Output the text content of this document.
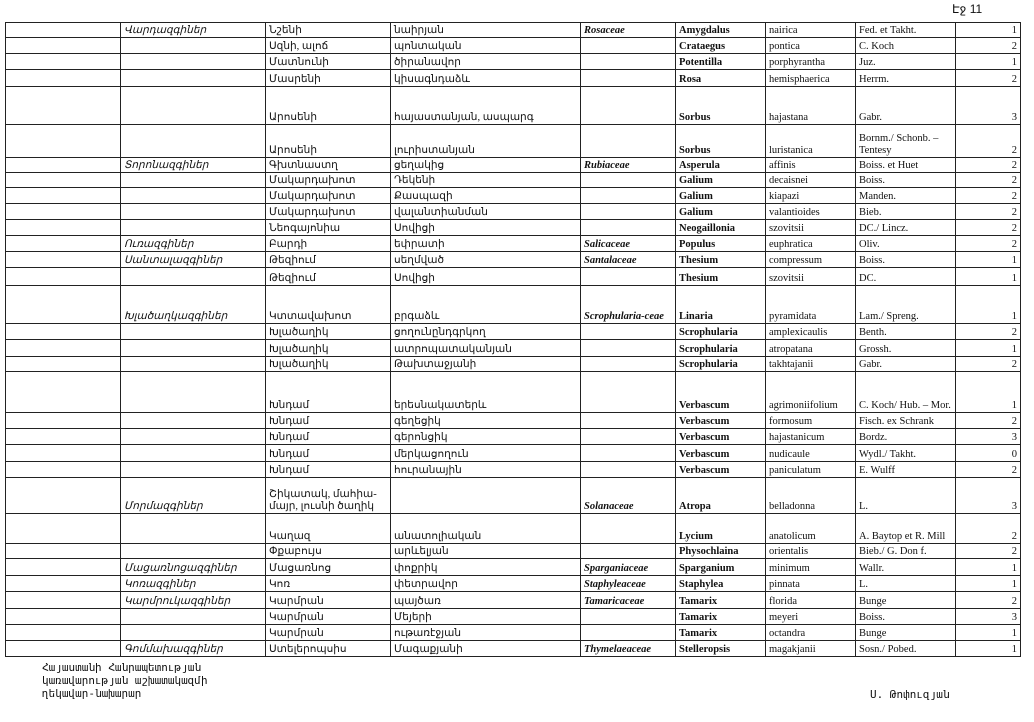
Էջ 11
	Վարդազգիներ	Նշենի	նաիրյան	Rosaceae	Amygdalus	nairica	Fed. et Takht.	1
		Սզնի, ալոճ	պոնտական		Crataegus	pontica	C. Koch	2
		Մատնունի	ծիրանավոր		Potentilla	porphyrantha	Juz.	1
		Մասրենի	կիսագնդաձև		Rosa	hemisphaerica	Herrm.	2
		Արոսենի	հայաստանյան, ասպարգ		Sorbus	hajastana	Gabr.	3
		Արոսենի	լուրիստանյան		Sorbus	luristanica	Bornm./ Schonb. – Tentesy	2
	Տորոնազգիներ	Գխտնաստղ	ցեղակից	Rubiaceae	Asperula	affinis	Boiss. et Huet	2
		Մակարդախոտ	Դեկենի		Galium	decaisnei	Boiss.	2
		Մակարդախոտ	Քասպազի		Galium	kiapazi	Manden.	2
		Մակարդախոտ	վալանտիանման		Galium	valantioides	Bieb.	2
		Նեոգայոնիա	Սովիցի		Neogaillonia	szovitsii	DC./ Lincz.	2
	Ուռազգիներ	Բարդի	եփրատի	Salicaceae	Populus	euphratica	Oliv.	2
	Սանտալազգիներ	Թեզիում	սեղմված	Santalaceae	Thesium	compressum	Boiss.	1
		Թեզիում	Սովիցի		Thesium	szovitsii	DC.	1
	Խլածաղկազգիներ	Կտտավախոտ	բրգաձև	Scrophularia-ceae	Linaria	pyramidata	Lam./ Spreng.	1
		Խլածաղիկ	ցողունընդգրկող		Scrophularia	amplexicaulis	Benth.	2
		Խլածաղիկ	ատրոպատականյան		Scrophularia	atropatana	Grossh.	1
		Խլածաղիկ	Թախտաջյանի		Scrophularia	takhtajanii	Gabr.	2
		Խնդամ	երեսնակատերև		Verbascum	agrimoniifolium	C. Koch/ Hub. – Mor.	1
		Խնդամ	գեղեցիկ		Verbascum	formosum	Fisch. ex Schrank	2
		Խնդամ	գերոնցիկ		Verbascum	hajastanicum	Bordz.	3
		Խնդամ	մերկացողուն		Verbascum	nudicaule	Wydl./ Takht.	0
		Խնդամ	հուրանային		Verbascum	paniculatum	E. Wulff	2
	Մորմազգիներ	Շիկատակ, մահիա-մայր, լուսնի ծաղիկ		Solanaceae	Atropa	belladonna	L.	3
		Կաղազ	անատոլիական		Lycium	anatolicum	A. Baytop et R. Mill	2
		Փքաբույս	արևելյան		Physochlaina	orientalis	Bieb./ G. Don f.	2
	Մացառնոցազգիներ	Մացառնոց	փոքրիկ	Sparganiaceae	Sparganium	minimum	Wallr.	1
	Կոռազգիներ	Կոռ	փետրավոր	Staphyleaceae	Staphylea	pinnata	L.	1
	Կարմրուկազգիներ	Կարմրան	պայծառ	Tamaricaceae	Tamarix	florida	Bunge	2
		Կարմրան	Մեյերի		Tamarix	meyeri	Boiss.	3
		Կարմրան	ութառէջյան		Tamarix	octandra	Bunge	1
	Գոմմախազգիներ	Ստելերոպսիս	Մագաքյանի	Thymelaeaceae	Stelleropsis	magakjanii	Sosn./ Pobed.	1
Հայաստանի Հանրապետության
կառավարության աշխատակազմի
ղեկավար-նախարար	Ս. Թոփուզյան
